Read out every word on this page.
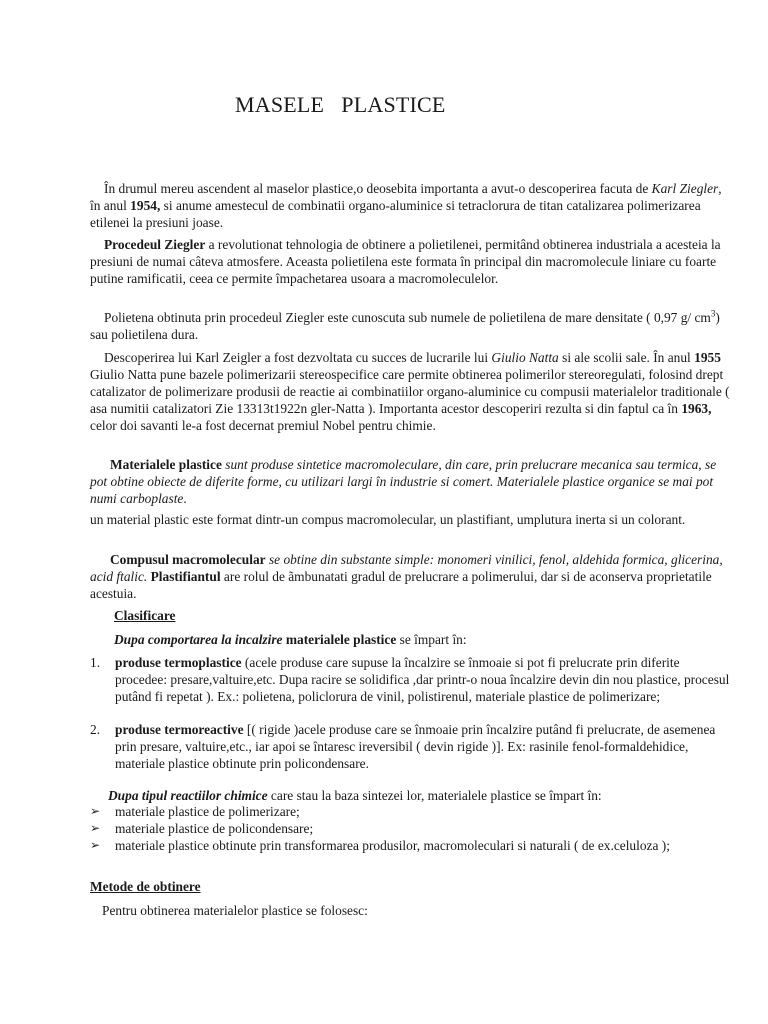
MASELE   PLASTICE

În drumul mereu ascendent al maselor plastice,o deosebita importanta a avut-o descoperirea facuta de Karl Ziegler, în anul 1954, si anume amestecul de combinatii organo-aluminice si tetraclorura de titan catalizarea polimerizarea etilenei la presiuni joase.

Procedeul Ziegler a revolutionat tehnologia de obtinere a polietilenei, permitând obtinerea industriala a acesteia la presiuni de numai câteva atmosfere. Aceasta polietilena este formata în principal din macromolecule liniare cu foarte putine ramificatii, ceea ce permite împachetarea usoara a macromoleculelor.

Polietena obtinuta prin procedeul Ziegler este cunoscuta sub numele de polietilena de mare densitate ( 0,97 g/ $cm^3$) sau polietilena dura.

Descoperirea lui Karl Zeigler a fost dezvoltata cu succes de lucrarile lui Giulio Natta si ale scolii sale. În anul 1955 Giulio Natta pune bazele polimerizarii stereospecifice care permite obtinerea polimerilor stereoregulati, folosind drept catalizator de polimerizare produsii de reactie ai combinatiilor organo-aluminice cu compusii materialelor traditionale ( asa numitii catalizatori Zie 13313t1922n gler-Natta ). Importanta acestor descoperiri rezulta si din faptul ca în 1963, celor doi savanti le-a fost decernat premiul Nobel pentru chimie.

Materialele plastice sunt produse sintetice macromoleculare, din care, prin prelucrare mecanica sau termica, se pot obtine obiecte de diferite forme, cu utilizari largi în industrie si comert. Materialele plastice organice se mai pot numi carboplaste.

un material plastic este format dintr-un compus macromolecular, un plastifiant, umplutura inerta si un colorant.

Compusul macromolecular se obtine din substante simple: monomeri vinilici, fenol, aldehida formica, glicerina, acid ftalic. Plastifiantul are rolul de ãmbunatati gradul de prelucrare a polimerului, dar si de aconserva proprietatile acestuia.

Clasificare

Dupa comportarea la incalzire materialele plastice se împart în:

1. produse termoplastice (acele produse care supuse la încalzire se înmoaie si pot fi prelucrate prin diferite procedee: presare,valtuire,etc. Dupa racire se solidifica ,dar printr-o noua încalzire devin din nou plastice, procesul putând fi repetat ). Ex.: polietena, policlorura de vinil, polistirenul, materiale plastice de polimerizare;
2. produse termoreactive [( rigide )acele produse care se înmoaie prin încalzire putând fi prelucrate, de asemenea prin presare, valtuire,etc., iar apoi se întaresc ireversibil ( devin rigide )]. Ex: rasinile fenol-formaldehidice, materiale plastice obtinute prin policondensare.

Dupa tipul reactiilor chimice care stau la baza sintezei lor, materialele plastice se împart în:

➢ materiale plastice de polimerizare;
➢ materiale plastice de policondensare;
➢ materiale plastice obtinute prin transformarea produsilor, macromoleculari si naturali ( de ex.celuloza );

Metode de obtinere

Pentru obtinerea materialelor plastice se folosesc:
